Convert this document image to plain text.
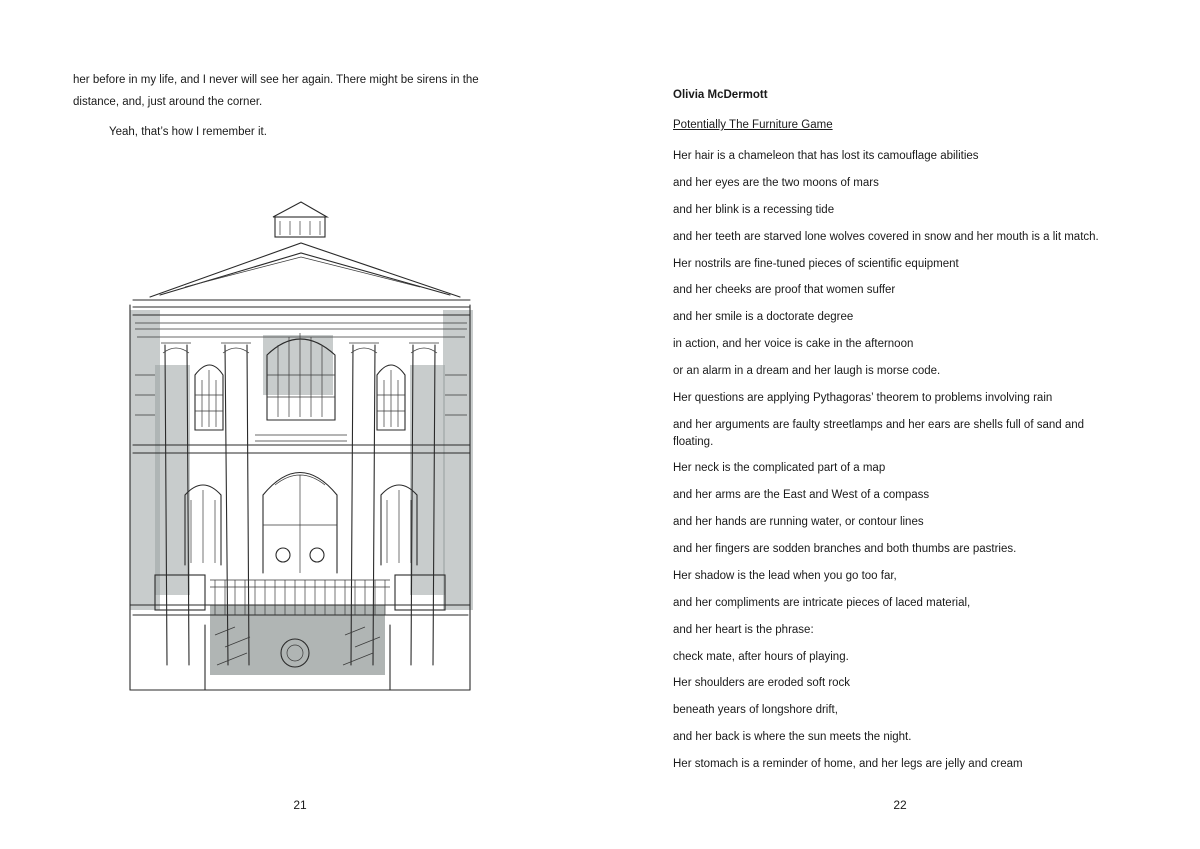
her before in my life, and I never will see her again. There might be sirens in the
distance, and, just around the corner.
Yeah, that’s how I remember it.
21
Olivia McDermott
Potentially The Furniture Game
Her hair is a chameleon that has lost its camouflage abilities
and her eyes are the two moons of mars
and her blink is a recessing tide
and her teeth are starved lone wolves covered in snow and her mouth is a lit match.
Her nostrils are fine-tuned pieces of scientific equipment
and her cheeks are proof that women suffer
and her smile is a doctorate degree
in action, and her voice is cake in the afternoon
or an alarm in a dream and her laugh is morse code.
Her questions are applying Pythagoras’ theorem to problems involving rain
and her arguments are faulty streetlamps and her ears are shells full of sand and floating.
Her neck is the complicated part of a map
and her arms are the East and West of a compass
and her hands are running water, or contour lines
and her fingers are sodden branches and both thumbs are pastries.
Her shadow is the lead when you go too far,
and her compliments are intricate pieces of laced material,
and her heart is the phrase:
check mate, after hours of playing.
Her shoulders are eroded soft rock
beneath years of longshore drift,
and her back is where the sun meets the night.
Her stomach is a reminder of home, and her legs are jelly and cream
22
